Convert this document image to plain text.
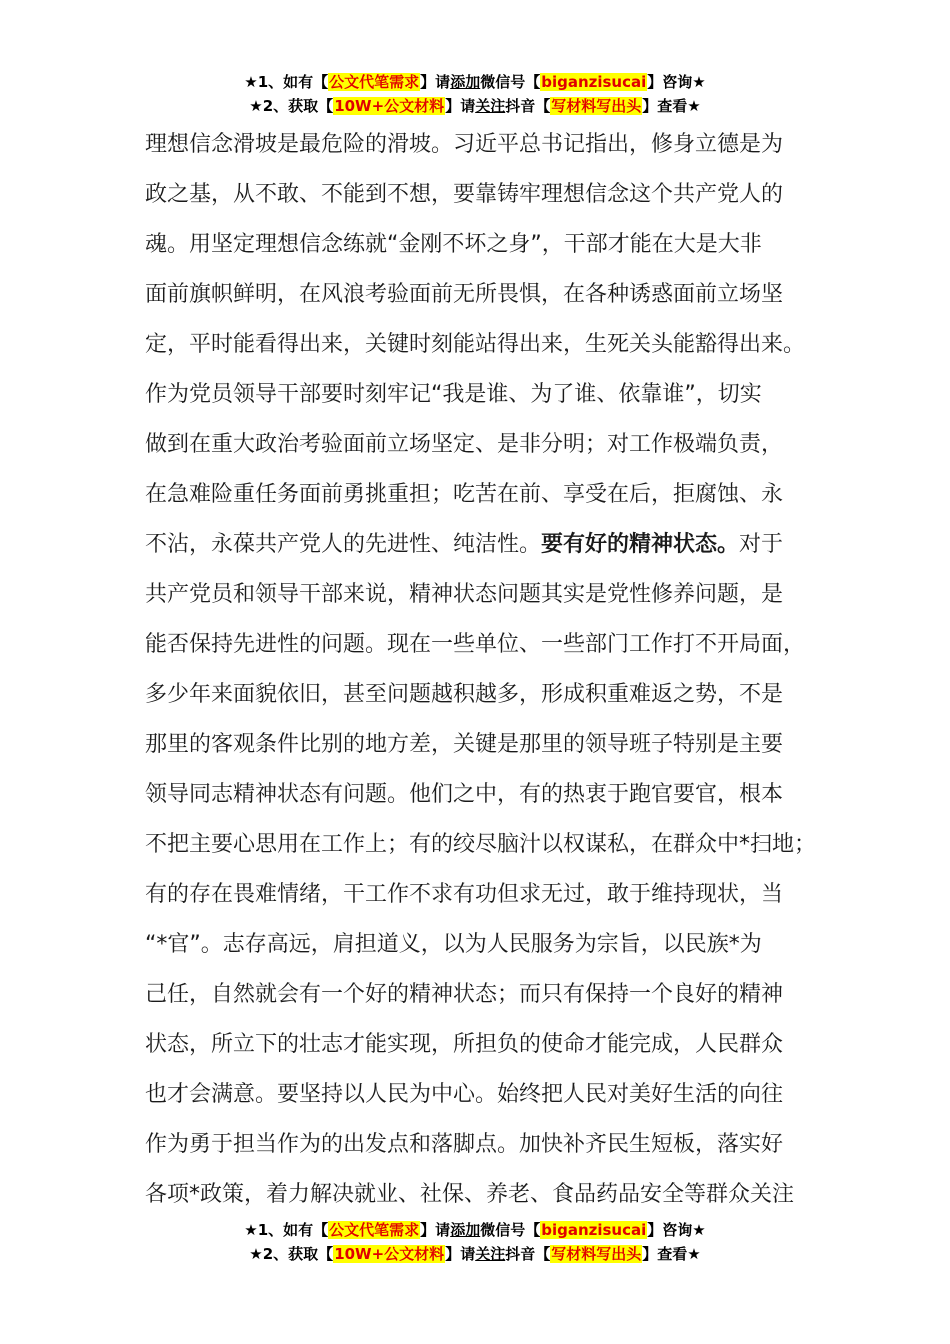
★1、如有【公文代笔需求】请添加微信号【biganzisucai】咨询★
★2、获取【10W+公文材料】请关注抖音【写材料写出头】查看★
理想信念滑坡是最危险的滑坡。习近平总书记指出，修身立德是为
政之基，从不敢、不能到不想，要靠铸牢理想信念这个共产党人的
魂。用坚定理想信念练就“金刚不坏之身”，干部才能在大是大非
面前旗帜鲜明，在风浪考验面前无所畏惧，在各种诱惑面前立场坚
定，平时能看得出来，关键时刻能站得出来，生死关头能豁得出来。
作为党员领导干部要时刻牢记“我是谁、为了谁、依靠谁”，切实
做到在重大政治考验面前立场坚定、是非分明；对工作极端负责，
在急难险重任务面前勇挑重担；吃苦在前、享受在后，拒腐蚀、永
不沾，永葆共产党人的先进性、纯洁性。要有好的精神状态。对于
共产党员和领导干部来说，精神状态问题其实是党性修养问题，是
能否保持先进性的问题。现在一些单位、一些部门工作打不开局面，
多少年来面貌依旧，甚至问题越积越多，形成积重难返之势，不是
那里的客观条件比别的地方差，关键是那里的领导班子特别是主要
领导同志精神状态有问题。他们之中，有的热衷于跑官要官，根本
不把主要心思用在工作上；有的绞尽脑汁以权谋私，在群众中*扫地；
有的存在畏难情绪，干工作不求有功但求无过，敢于维持现状，当
“*官”。志存高远，肩担道义，以为人民服务为宗旨，以民族*为
己任，自然就会有一个好的精神状态；而只有保持一个良好的精神
状态，所立下的壮志才能实现，所担负的使命才能完成，人民群众
也才会满意。要坚持以人民为中心。始终把人民对美好生活的向往
作为勇于担当作为的出发点和落脚点。加快补齐民生短板，落实好
各项*政策，着力解决就业、社保、养老、食品药品安全等群众关注
★1、如有【公文代笔需求】请添加微信号【biganzisucai】咨询★
★2、获取【10W+公文材料】请关注抖音【写材料写出头】查看★
